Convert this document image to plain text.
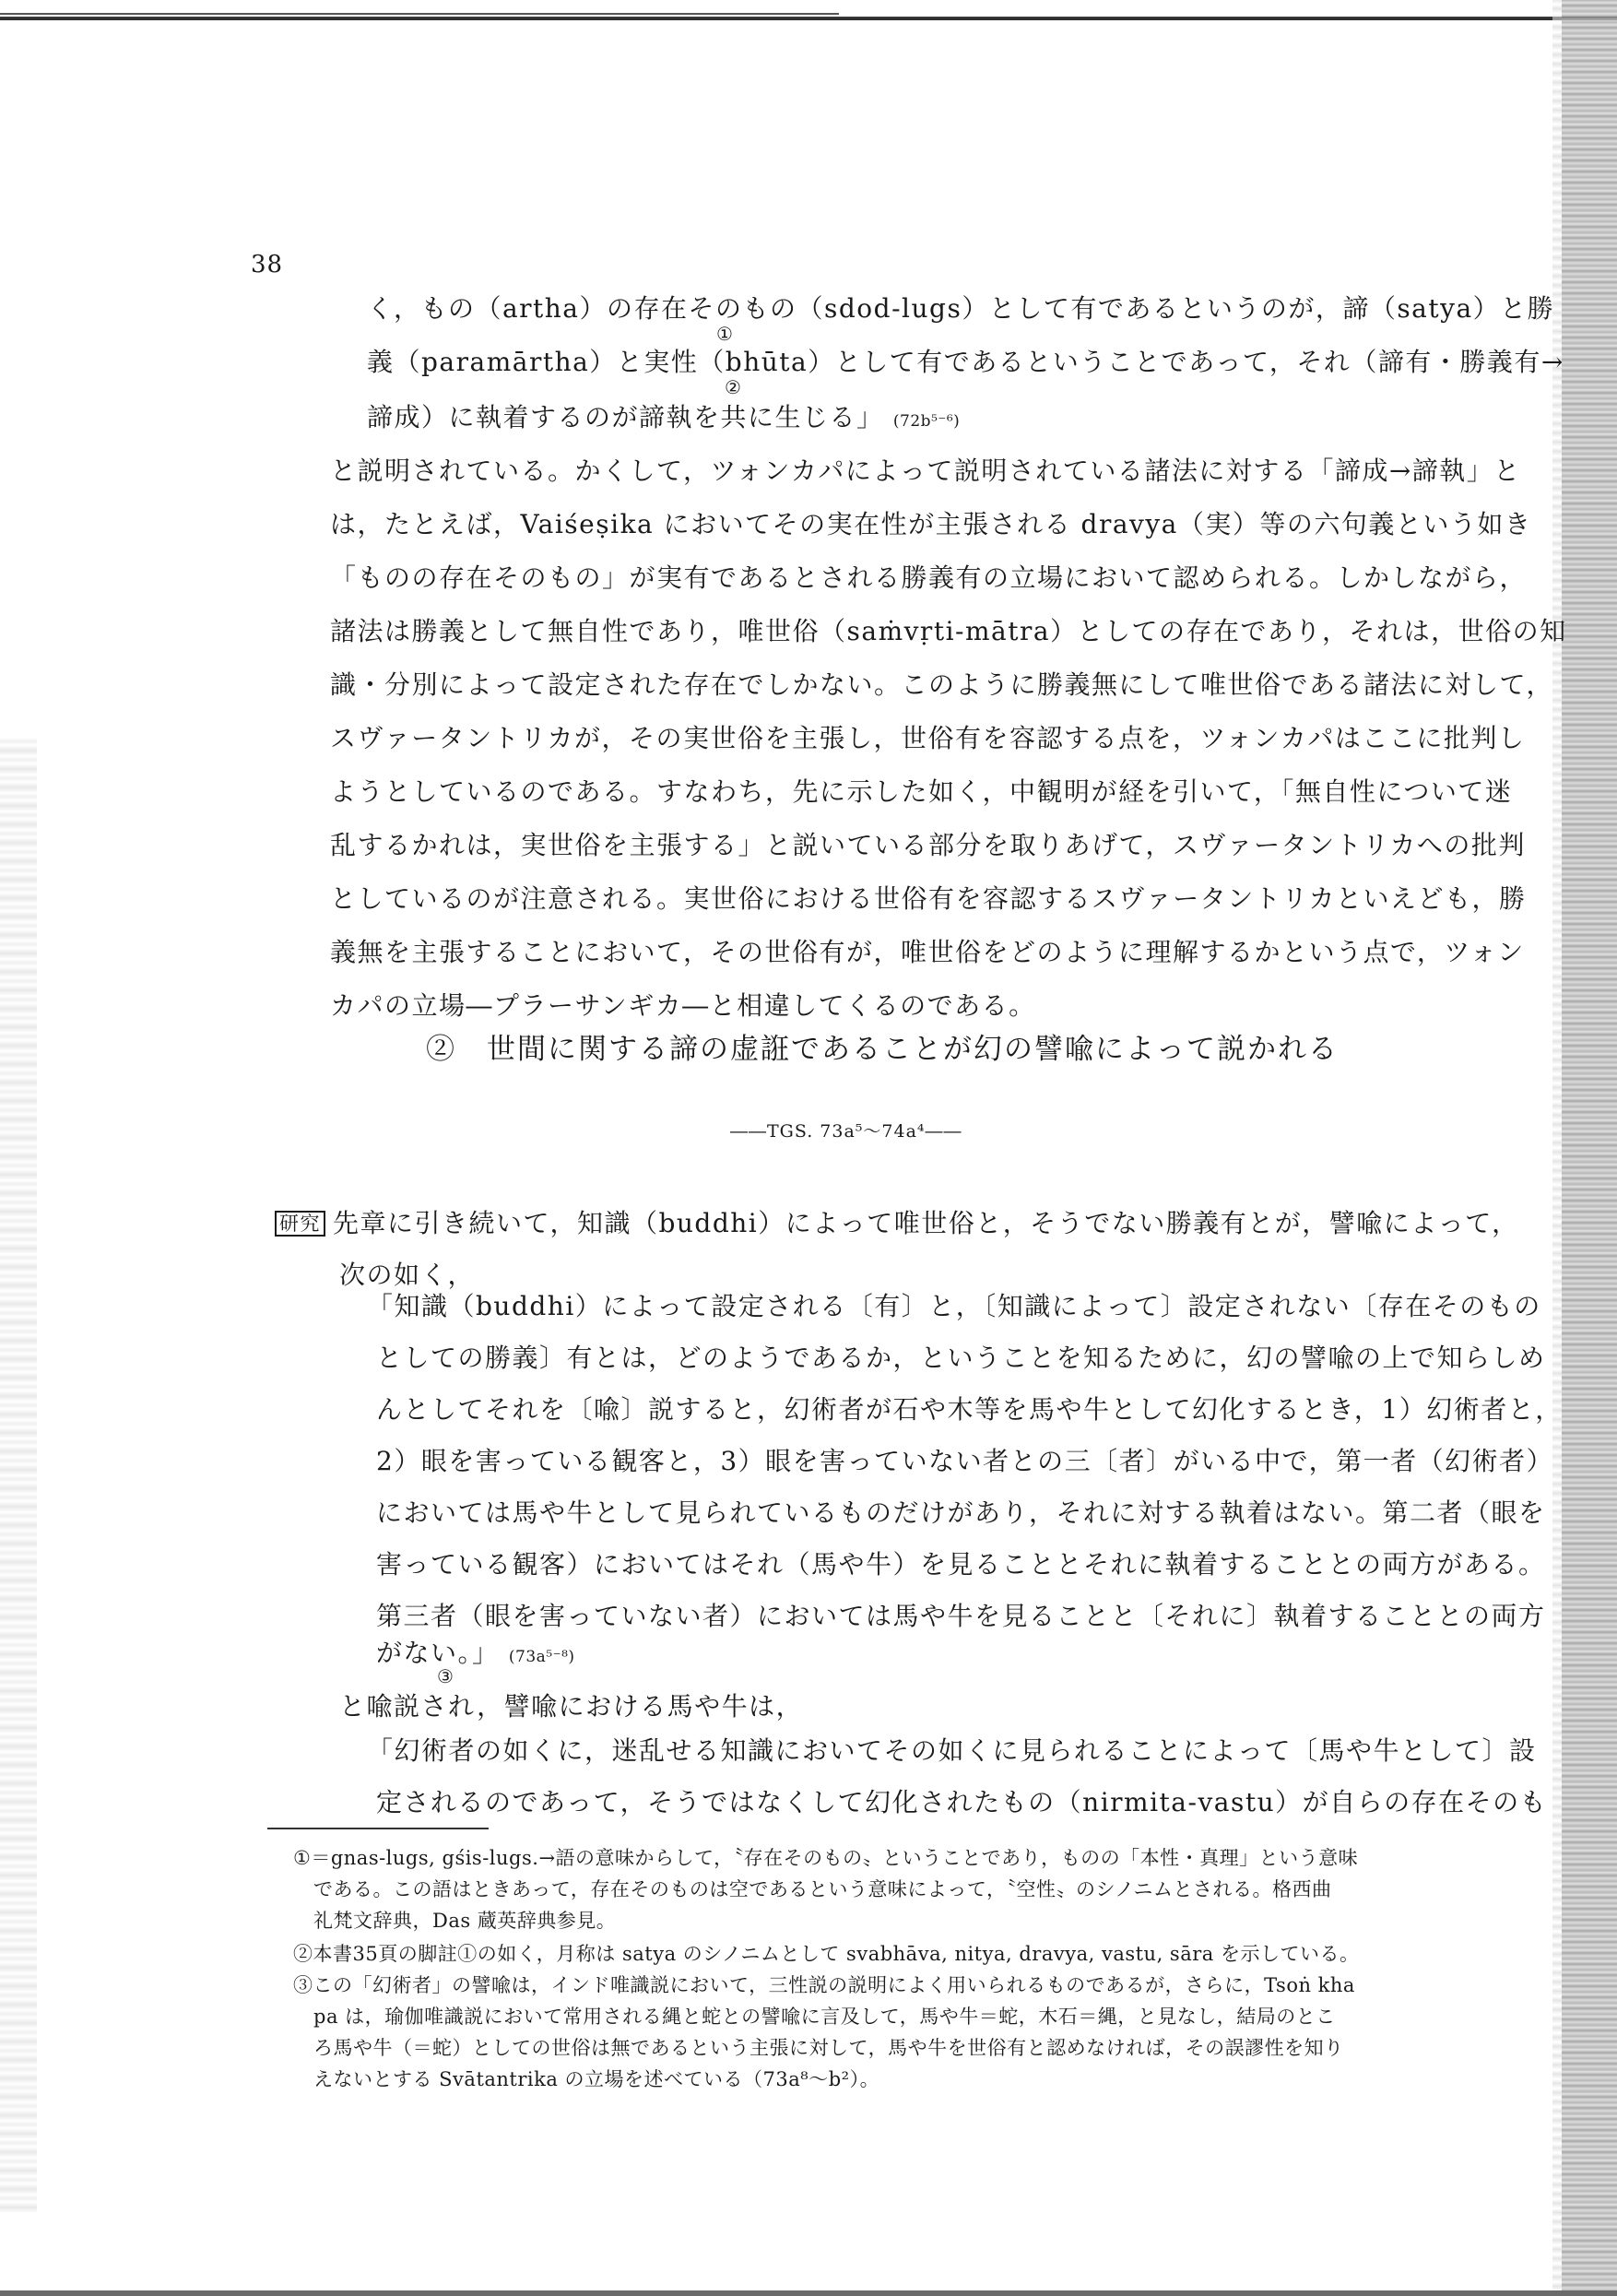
38
く，もの（artha）の存在そのもの（sdod-lugs）として有であるというのが，諦（satya）と勝
①
義（paramārtha）と実性（bhūta）として有であるということであって，それ（諦有・勝義有→
②
諦成）に執着するのが諦執を共に生じる」 (72b⁵⁻⁶)
と説明されている。かくして，ツォンカパによって説明されている諸法に対する「諦成→諦執」と
は，たとえば，Vaiśeṣika においてその実在性が主張される dravya（実）等の六句義という如き
「ものの存在そのもの」が実有であるとされる勝義有の立場において認められる。しかしながら，
諸法は勝義として無自性であり，唯世俗（saṁvṛti-mātra）としての存在であり，それは，世俗の知
識・分別によって設定された存在でしかない。このように勝義無にして唯世俗である諸法に対して，
スヴァータントリカが，その実世俗を主張し，世俗有を容認する点を，ツォンカパはここに批判し
ようとしているのである。すなわち，先に示した如く，中観明が経を引いて，「無自性について迷
乱するかれは，実世俗を主張する」と説いている部分を取りあげて，スヴァータントリカへの批判
としているのが注意される。実世俗における世俗有を容認するスヴァータントリカといえども，勝
義無を主張することにおいて，その世俗有が，唯世俗をどのように理解するかという点で，ツォン
カパの立場―プラーサンギカ―と相違してくるのである。
②　世間に関する諦の虚誑であることが幻の譬喩によって説かれる
――TGS. 73a⁵～74a⁴――
研究 先章に引き続いて，知識（buddhi）によって唯世俗と，そうでない勝義有とが，譬喩によって，
次の如く，
「知識（buddhi）によって設定される〔有〕と，〔知識によって〕設定されない〔存在そのもの
としての勝義〕有とは，どのようであるか，ということを知るために，幻の譬喩の上で知らしめ
んとしてそれを〔喩〕説すると，幻術者が石や木等を馬や牛として幻化するとき，1）幻術者と，
2）眼を害っている観客と，3）眼を害っていない者との三〔者〕がいる中で，第一者（幻術者）
においては馬や牛として見られているものだけがあり，それに対する執着はない。第二者（眼を
害っている観客）においてはそれ（馬や牛）を見ることとそれに執着することとの両方がある。
第三者（眼を害っていない者）においては馬や牛を見ることと〔それに〕執着することとの両方
がない。」 (73a⁵⁻⁸)
③
と喩説され，譬喩における馬や牛は，
「幻術者の如くに，迷乱せる知識においてその如くに見られることによって〔馬や牛として〕設
定されるのであって，そうではなくして幻化されたもの（nirmita-vastu）が自らの存在そのも
①＝gnas-lugs, gśis-lugs.→語の意味からして，〝存在そのもの〟ということであり，ものの「本性・真理」という意味
である。この語はときあって，存在そのものは空であるという意味によって，〝空性〟のシノニムとされる。格西曲
礼梵文辞典，Das 蔵英辞典参見。
②本書35頁の脚註①の如く，月称は satya のシノニムとして svabhāva, nitya, dravya, vastu, sāra を示している。
③この「幻術者」の譬喩は，インド唯識説において，三性説の説明によく用いられるものであるが，さらに，Tsoṅ kha
pa は，瑜伽唯識説において常用される縄と蛇との譬喩に言及して，馬や牛＝蛇，木石＝縄，と見なし，結局のとこ
ろ馬や牛（＝蛇）としての世俗は無であるという主張に対して，馬や牛を世俗有と認めなければ，その誤謬性を知り
えないとする Svātantrika の立場を述べている（73a⁸～b²）。
